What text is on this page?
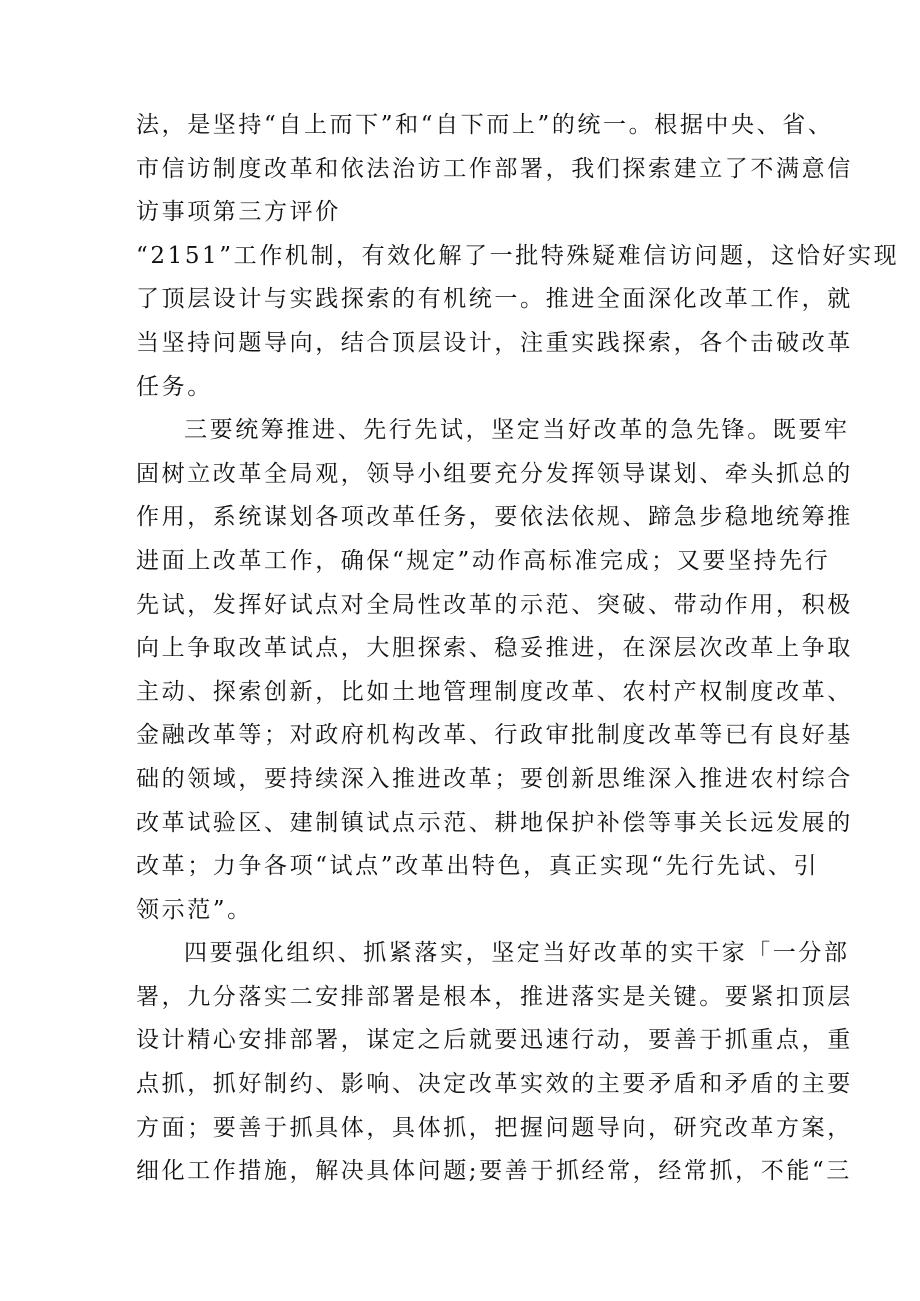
法，是坚持“自上而下”和“自下而上”的统一。根据中央、省、
市信访制度改革和依法治访工作部署，我们探索建立了不满意信
访事项第三方评价
“2151”工作机制，有效化解了一批特殊疑难信访问题，这恰好实现
了顶层设计与实践探索的有机统一。推进全面深化改革工作，就
当坚持问题导向，结合顶层设计，注重实践探索，各个击破改革
任务。
三要统筹推进、先行先试，坚定当好改革的急先锋。既要牢
固树立改革全局观，领导小组要充分发挥领导谋划、牵头抓总的
作用，系统谋划各项改革任务，要依法依规、蹄急步稳地统筹推
进面上改革工作，确保“规定”动作高标准完成；又要坚持先行
先试，发挥好试点对全局性改革的示范、突破、带动作用，积极
向上争取改革试点，大胆探索、稳妥推进，在深层次改革上争取
主动、探索创新，比如土地管理制度改革、农村产权制度改革、
金融改革等；对政府机构改革、行政审批制度改革等已有良好基
础的领域，要持续深入推进改革；要创新思维深入推进农村综合
改革试验区、建制镇试点示范、耕地保护补偿等事关长远发展的
改革；力争各项“试点”改革出特色，真正实现“先行先试、引
领示范”。
四要强化组织、抓紧落实，坚定当好改革的实干家「一分部
署，九分落实二安排部署是根本，推进落实是关键。要紧扣顶层
设计精心安排部署，谋定之后就要迅速行动，要善于抓重点，重
点抓，抓好制约、影响、决定改革实效的主要矛盾和矛盾的主要
方面；要善于抓具体，具体抓，把握问题导向，研究改革方案，
细化工作措施，解决具体问题;要善于抓经常，经常抓，不能“三
